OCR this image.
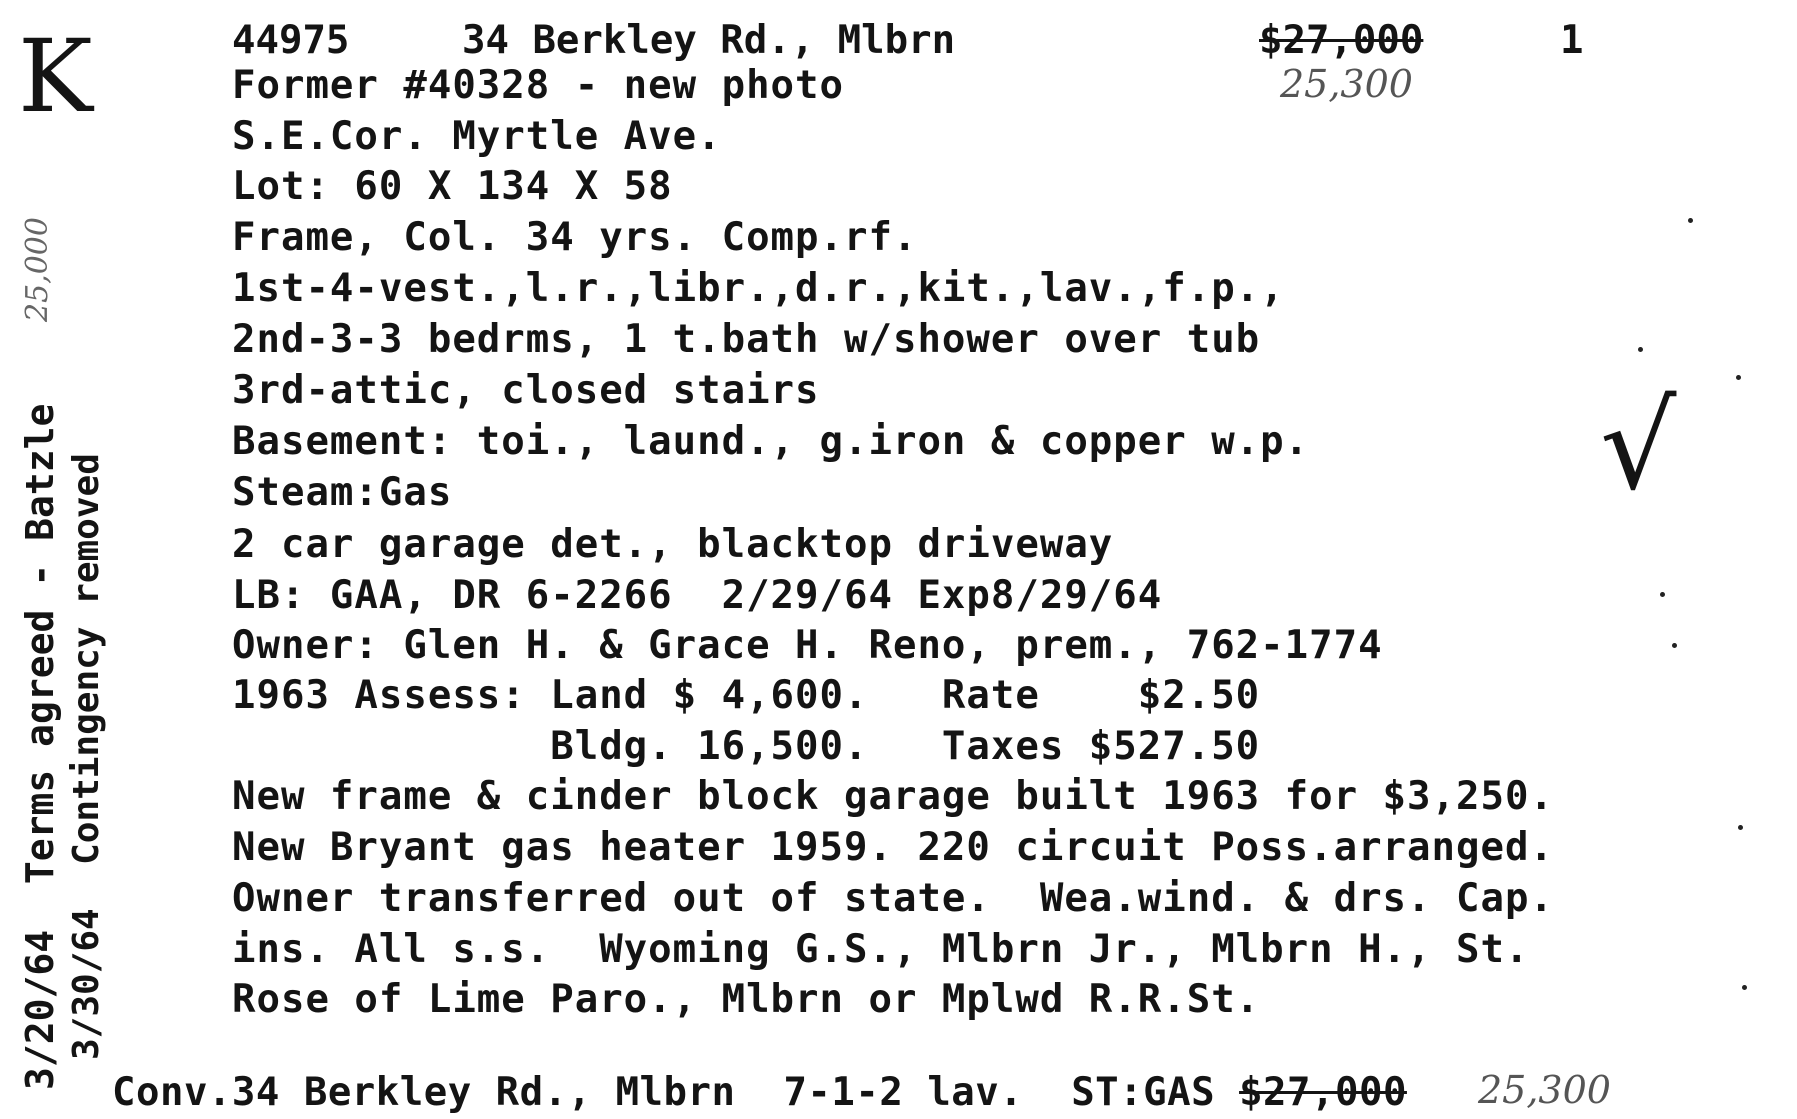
K	44975	34 Berkley Rd., Mlbrn	$27,000	1
25,300
Former #40328 - new photo
S.E.Cor. Myrtle Ave.
Lot: 60 X 134 X 58
Frame, Col. 34 yrs. Comp.rf.
1st-4-vest.,l.r.,libr.,d.r.,kit.,lav.,f.p.,
2nd-3-3 bedrms, 1 t.bath w/shower over tub
3rd-attic, closed stairs
Basement: toi., laund., g.iron & copper w.p.
Steam:Gas
2 car garage det., blacktop driveway
LB: GAA, DR 6-2266  2/29/64 Exp8/29/64
Owner: Glen H. & Grace H. Reno, prem., 762-1774
1963 Assess: Land $ 4,600.   Rate    $2.50
Bldg. 16,500.   Taxes $527.50
New frame & cinder block garage built 1963 for $3,250.
New Bryant gas heater 1959. 220 circuit Poss.arranged.
Owner transferred out of state.  Wea.wind. & drs. Cap.
ins. All s.s.  Wyoming G.S., Mlbrn Jr., Mlbrn H., St.
Rose of Lime Paro., Mlbrn or Mplwd R.R.St.
3/20/64  Terms agreed - Batzle 3/30/64  Contingency removed
25,000
√
Conv.34 Berkley Rd., Mlbrn  7-1-2 lav.  ST:GAS $27,000 25,300
